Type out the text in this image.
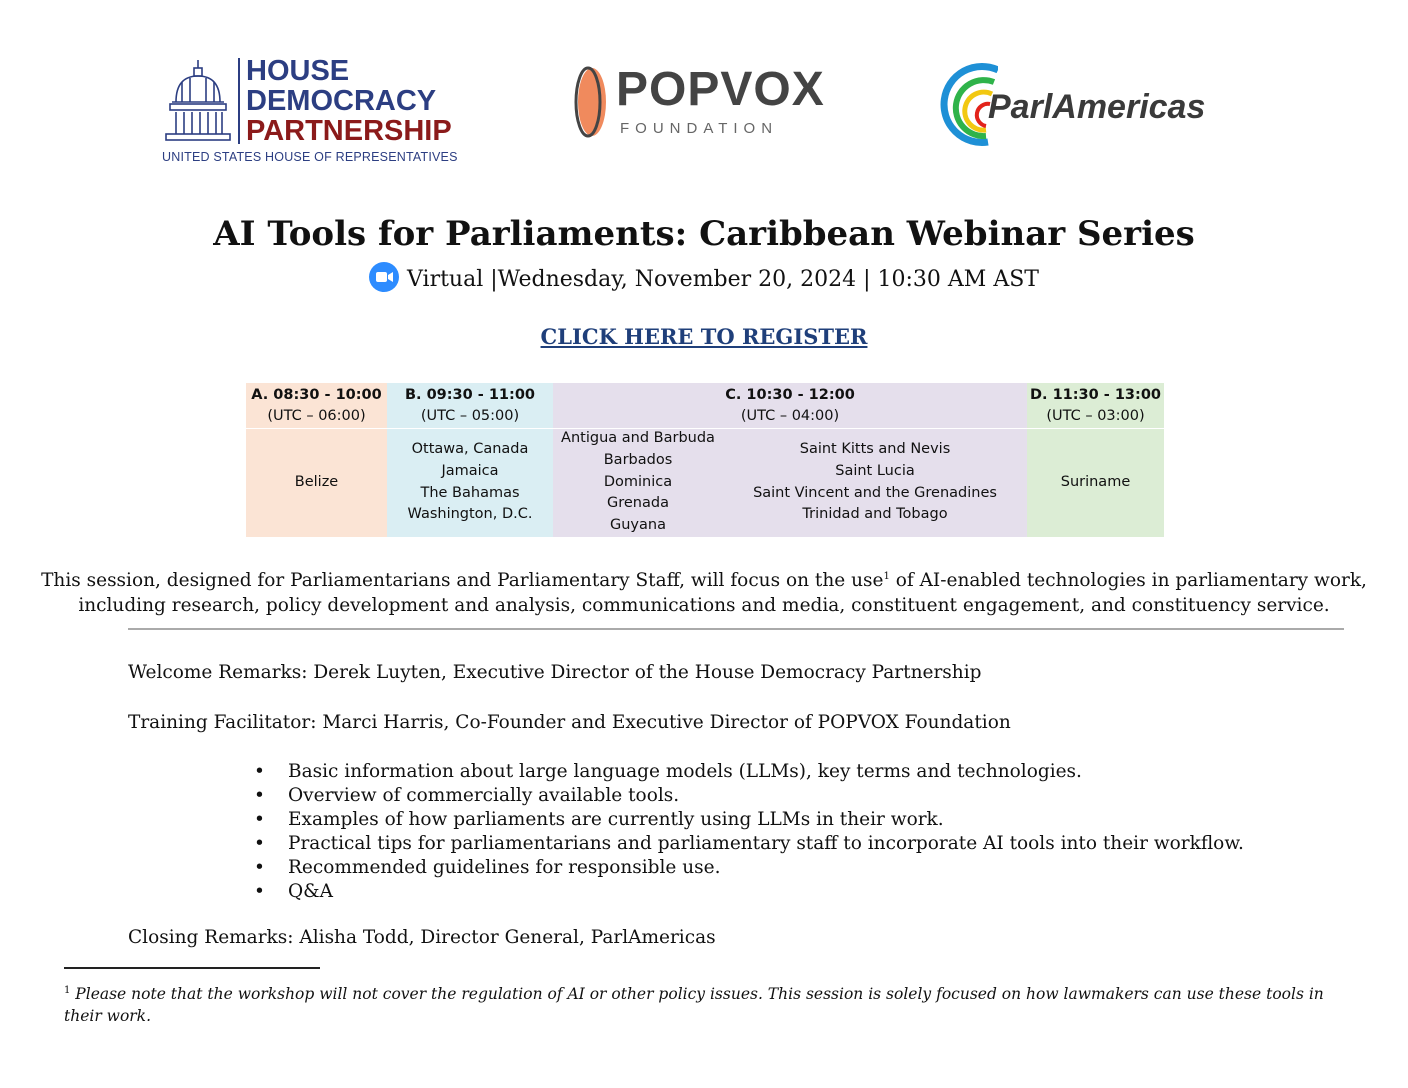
HOUSE
DEMOCRACY
PARTNERSHIP
UNITED STATES HOUSE OF REPRESENTATIVES
POPVOX
FOUNDATION
ParlAmericas
AI Tools for Parliaments: Caribbean Webinar Series
Virtual |Wednesday, November 20, 2024 | 10:30 AM AST
CLICK HERE TO REGISTER
A. 08:30 - 10:00
(UTC – 06:00)
Belize
B. 09:30 - 11:00
(UTC – 05:00)
Ottawa, Canada
Jamaica
The Bahamas
Washington, D.C.
C. 10:30 - 12:00
(UTC – 04:00)
Antigua and Barbuda
Barbados
Dominica
Grenada
Guyana
Saint Kitts and Nevis
Saint Lucia
Saint Vincent and the Grenadines
Trinidad and Tobago
D. 11:30 - 13:00
(UTC – 03:00)
Suriname
This session, designed for Parliamentarians and Parliamentary Staff, will focus on the use$^1$ of AI-enabled technologies in parliamentary work,
including research, policy development and analysis, communications and media, constituent engagement, and constituency service.
Welcome Remarks: Derek Luyten, Executive Director of the House Democracy Partnership
Training Facilitator: Marci Harris, Co-Founder and Executive Director of POPVOX Foundation
• Basic information about large language models (LLMs), key terms and technologies.
• Overview of commercially available tools.
• Examples of how parliaments are currently using LLMs in their work.
• Practical tips for parliamentarians and parliamentary staff to incorporate AI tools into their workflow.
• Recommended guidelines for responsible use.
• Q&A
Closing Remarks: Alisha Todd, Director General, ParlAmericas
$^1$ Please note that the workshop will not cover the regulation of AI or other policy issues. This session is solely focused on how lawmakers can use these tools in their work.
